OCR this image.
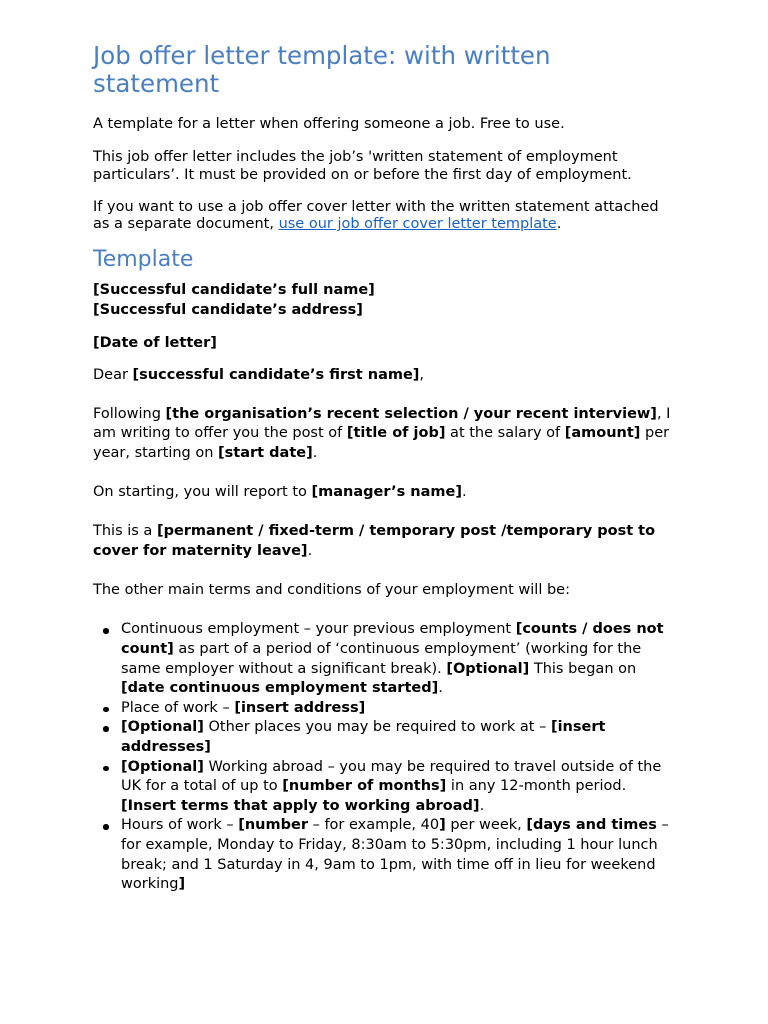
Job offer letter template: with written statement

A template for a letter when offering someone a job. Free to use.

This job offer letter includes the job’s 'written statement of employment particulars’. It must be provided on or before the first day of employment.

If you want to use a job offer cover letter with the written statement attached as a separate document, use our job offer cover letter template.

Template

[Successful candidate’s full name]

[Successful candidate’s address]

[Date of letter]

Dear [successful candidate’s first name],

Following [the organisation’s recent selection / your recent interview], I am writing to offer you the post of [title of job] at the salary of [amount] per year, starting on [start date].

On starting, you will report to [manager’s name].

This is a [permanent / fixed-term / temporary post /temporary post to cover for maternity leave].

The other main terms and conditions of your employment will be:

Continuous employment – your previous employment [counts / does not count] as part of a period of ‘continuous employment’ (working for the same employer without a significant break). [Optional] This began on [date continuous employment started].
Place of work – [insert address]
[Optional] Other places you may be required to work at – [insert addresses]
[Optional] Working abroad – you may be required to travel outside of the UK for a total of up to [number of months] in any 12-month period. [Insert terms that apply to working abroad].
Hours of work – [number – for example, 40] per week, [days and times – for example, Monday to Friday, 8:30am to 5:30pm, including 1 hour lunch break; and 1 Saturday in 4, 9am to 1pm, with time off in lieu for weekend working]
